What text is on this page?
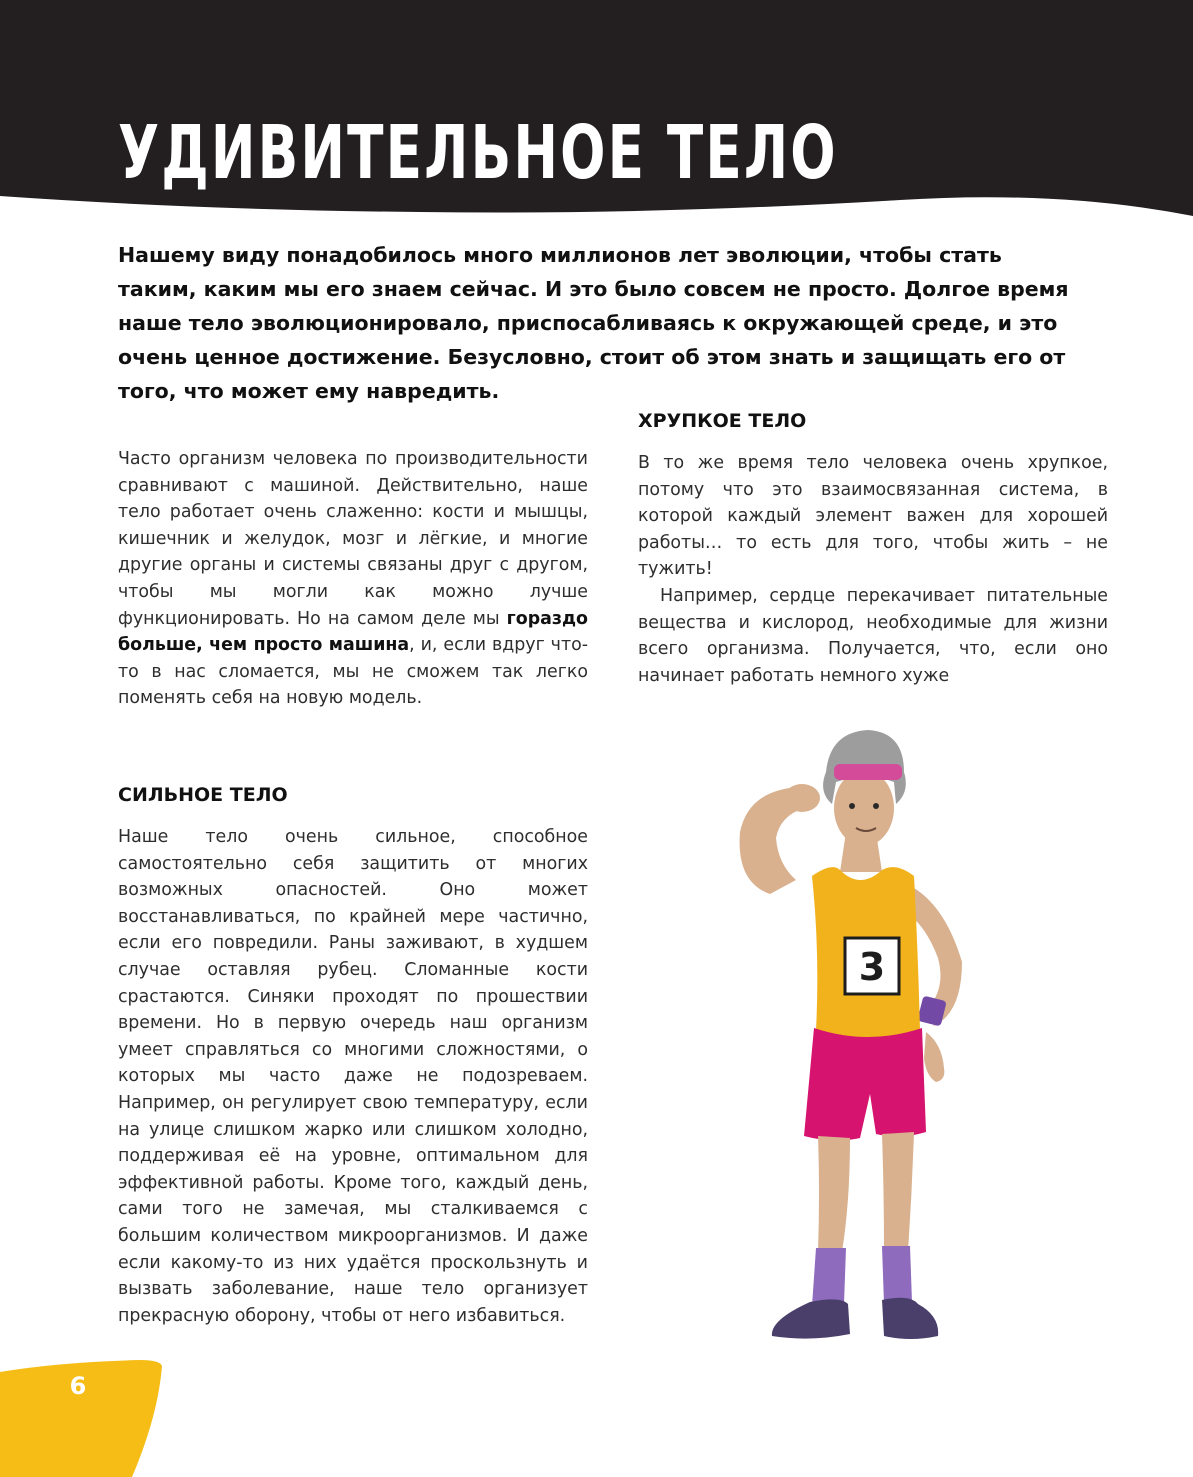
УДИВИТЕЛЬНОЕ ТЕЛО

Нашему виду понадобилось много миллионов лет эволюции, чтобы стать таким, каким мы его знаем сейчас. И это было совсем не просто. Долгое время наше тело эволюционировало, приспосабливаясь к окружающей среде, и это очень ценное достижение. Безусловно, стоит об этом знать и защищать его от того, что может ему навредить.

Часто организм человека по производительности сравнивают с машиной. Действительно, наше тело работает очень слаженно: кости и мышцы, кишечник и желудок, мозг и лёгкие, и многие другие органы и системы связаны друг с другом, чтобы мы могли как можно лучше функционировать. Но на самом деле мы гораздо больше, чем просто машина, и, если вдруг что-то в нас сломается, мы не сможем так легко поменять себя на новую модель.

СИЛЬНОЕ ТЕЛО

Наше тело очень сильное, способное самостоятельно себя защитить от многих возможных опасностей. Оно может восстанавливаться, по крайней мере частично, если его повредили. Раны заживают, в худшем случае оставляя рубец. Сломанные кости срастаются. Синяки проходят по прошествии времени. Но в первую очередь наш организм умеет справляться со многими сложностями, о которых мы часто даже не подозреваем. Например, он регулирует свою температуру, если на улице слишком жарко или слишком холодно, поддерживая её на уровне, оптимальном для эффективной работы. Кроме того, каждый день, сами того не замечая, мы сталкиваемся с большим количеством микроорганизмов. И даже если какому-то из них удаётся проскользнуть и вызвать заболевание, наше тело организует прекрасную оборону, чтобы от него избавиться.

ХРУПКОЕ ТЕЛО

В то же время тело человека очень хрупкое, потому что это взаимосвязанная система, в которой каждый элемент важен для хорошей работы… то есть для того, чтобы жить – не тужить!

Например, сердце перекачивает питательные вещества и кислород, необходимые для жизни всего организма. Получается, что, если оно начинает работать немного хуже

3
6
